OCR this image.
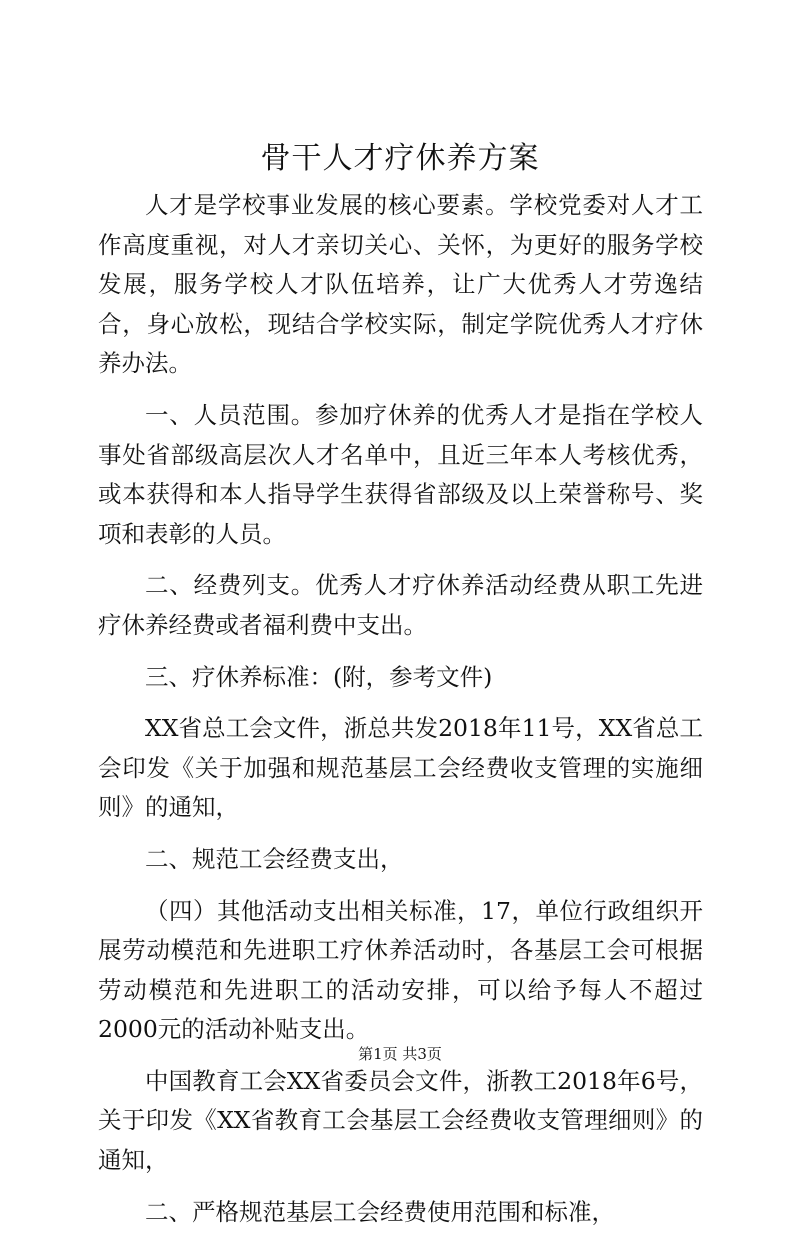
骨干人才疗休养方案

人才是学校事业发展的核心要素。学校党委对人才工作高度重视，对人才亲切关心、关怀，为更好的服务学校发展，服务学校人才队伍培养，让广大优秀人才劳逸结合，身心放松，现结合学校实际，制定学院优秀人才疗休养办法。

一、人员范围。参加疗休养的优秀人才是指在学校人事处省部级高层次人才名单中，且近三年本人考核优秀，或本获得和本人指导学生获得省部级及以上荣誉称号、奖项和表彰的人员。

二、经费列支。优秀人才疗休养活动经费从职工先进疗休养经费或者福利费中支出。

三、疗休养标准：(附，参考文件)

XX省总工会文件，浙总共发2018年11号，XX省总工会印发《关于加强和规范基层工会经费收支管理的实施细则》的通知，

二、规范工会经费支出，

（四）其他活动支出相关标准，17，单位行政组织开展劳动模范和先进职工疗休养活动时，各基层工会可根据劳动模范和先进职工的活动安排，可以给予每人不超过2000元的活动补贴支出。

中国教育工会XX省委员会文件，浙教工2018年6号，关于印发《XX省教育工会基层工会经费收支管理细则》的通知，

二、严格规范基层工会经费使用范围和标准，

第1页 共3页
